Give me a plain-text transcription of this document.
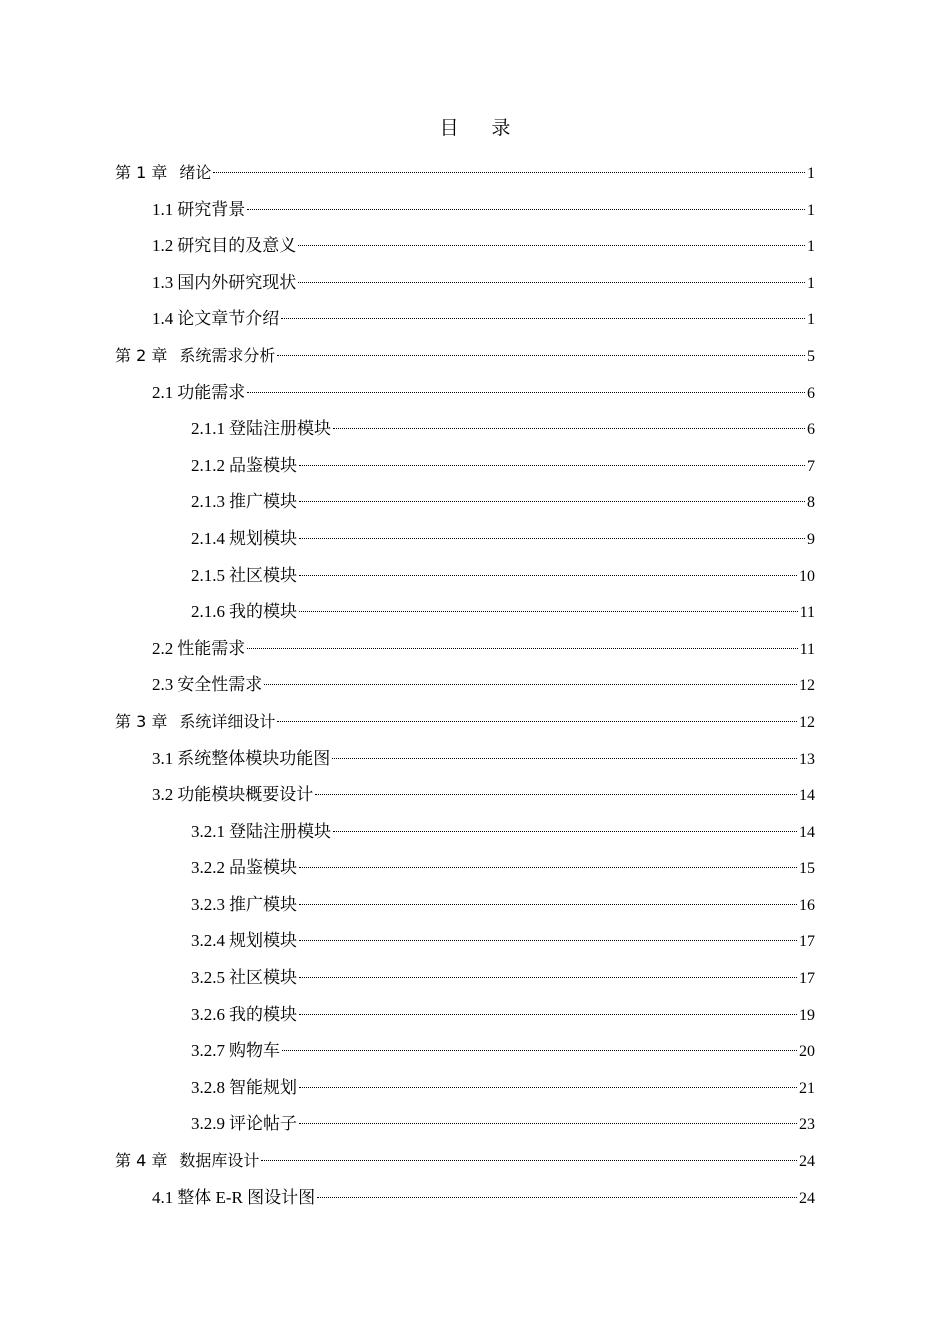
目 录
第 1 章 绪论	1
1.1 研究背景	1
1.2 研究目的及意义	1
1.3 国内外研究现状	1
1.4 论文章节介绍	1
第 2 章 系统需求分析	5
2.1 功能需求	6
2.1.1 登陆注册模块	6
2.1.2 品鉴模块	7
2.1.3 推广模块	8
2.1.4 规划模块	9
2.1.5 社区模块	10
2.1.6 我的模块	11
2.2 性能需求	11
2.3 安全性需求	12
第 3 章 系统详细设计	12
3.1 系统整体模块功能图	13
3.2 功能模块概要设计	14
3.2.1 登陆注册模块	14
3.2.2 品鉴模块	15
3.2.3 推广模块	16
3.2.4 规划模块	17
3.2.5 社区模块	17
3.2.6 我的模块	19
3.2.7 购物车	20
3.2.8 智能规划	21
3.2.9 评论帖子	23
第 4 章 数据库设计	24
4.1 整体 E-R 图设计图	24
